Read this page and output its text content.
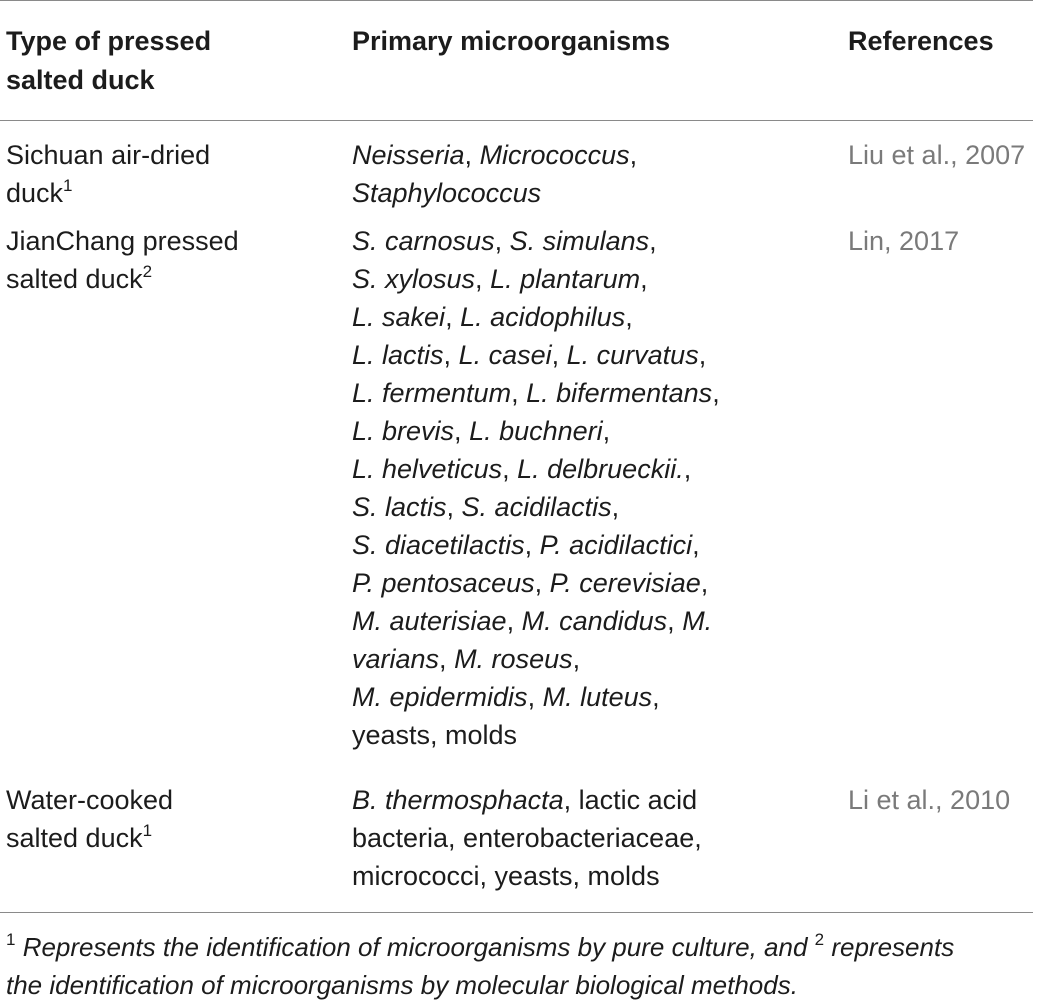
Type of pressed
salted duck
Primary microorganisms	References
Sichuan air-dried
duck$^1$
Neisseria, Micrococcus,
Staphylococcus
Liu et al., 2007
JianChang pressed
salted duck$^2$
S. carnosus, S. simulans,
S. xylosus, L. plantarum,
L. sakei, L. acidophilus,
L. lactis, L. casei, L. curvatus,
L. fermentum, L. bifermentans,
L. brevis, L. buchneri,
L. helveticus, L. delbrueckii.,
S. lactis, S. acidilactis,
S. diacetilactis, P. acidilactici,
P. pentosaceus, P. cerevisiae,
M. auterisiae, M. candidus, M.
varians, M. roseus,
M. epidermidis, M. luteus,
yeasts, molds
Lin, 2017
Water-cooked
salted duck$^1$
B. thermosphacta, lactic acid
bacteria, enterobacteriaceae,
micrococci, yeasts, molds
Li et al., 2010
$^1$ Represents the identification of microorganisms by pure culture, and $^2$ represents
the identification of microorganisms by molecular biological methods.
